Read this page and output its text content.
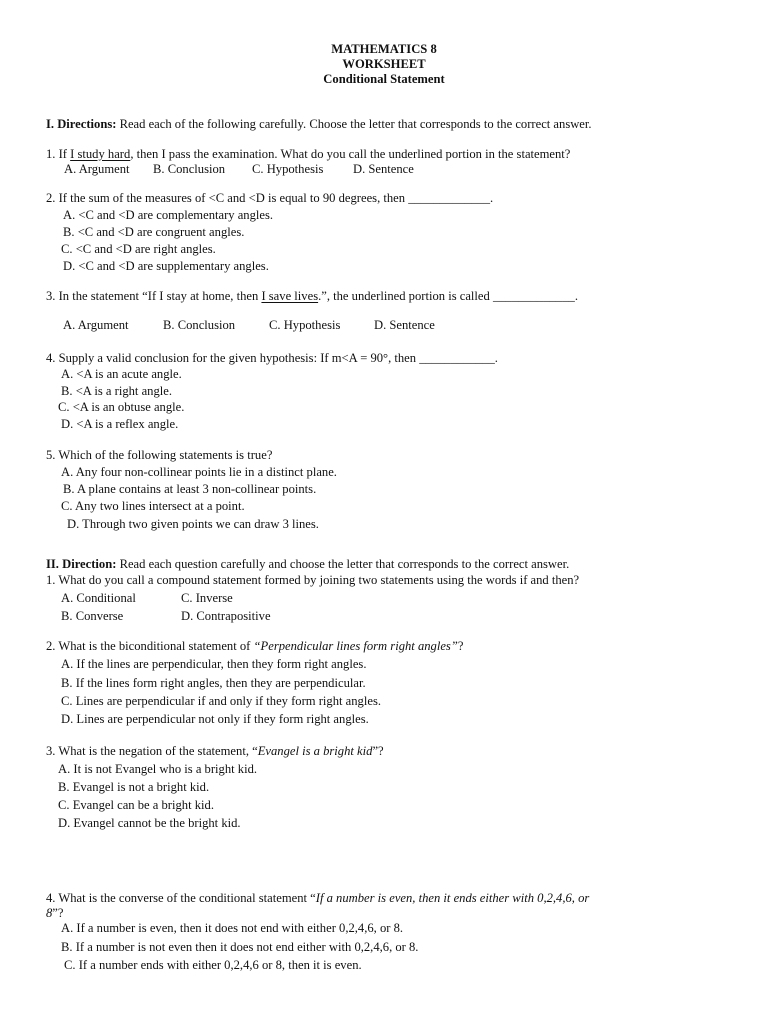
MATHEMATICS 8
WORKSHEET
Conditional Statement
I. Directions: Read each of the following carefully. Choose the letter that corresponds to the correct answer.
1. If I study hard, then I pass the examination. What do you call the underlined portion in the statement?
A. Argument B. Conclusion C. Hypothesis D. Sentence
2. If the sum of the measures of <C and <D is equal to 90 degrees, then _____________.
A. <C and <D are complementary angles.
B. <C and <D are congruent angles.
C. <C and <D are right angles.
D. <C and <D are supplementary angles.
3. In the statement “If I stay at home, then I save lives.”, the underlined portion is called _____________.
A. Argument	B. Conclusion	C. Hypothesis	D. Sentence
4. Supply a valid conclusion for the given hypothesis: If m<A = 90°, then ____________.
A. <A is an acute angle.
B. <A is a right angle.
C. <A is an obtuse angle.
D. <A is a reflex angle.
5. Which of the following statements is true?
A. Any four non-collinear points lie in a distinct plane.
B. A plane contains at least 3 non-collinear points.
C. Any two lines intersect at a point.
D. Through two given points we can draw 3 lines.
II. Direction: Read each question carefully and choose the letter that corresponds to the correct answer.
1. What do you call a compound statement formed by joining two statements using the words if and then?
A. Conditional	C. Inverse
B. Converse	D. Contrapositive
2. What is the biconditional statement of “Perpendicular lines form right angles”?
A. If the lines are perpendicular, then they form right angles.
B. If the lines form right angles, then they are perpendicular.
C. Lines are perpendicular if and only if they form right angles.
D. Lines are perpendicular not only if they form right angles.
3. What is the negation of the statement, “Evangel is a bright kid”?
A. It is not Evangel who is a bright kid.
B. Evangel is not a bright kid.
C. Evangel can be a bright kid.
D. Evangel cannot be the bright kid.
4. What is the converse of the conditional statement “If a number is even, then it ends either with 0,2,4,6, or
8”?
A. If a number is even, then it does not end with either 0,2,4,6, or 8.
B. If a number is not even then it does not end either with 0,2,4,6, or 8.
C. If a number ends with either 0,2,4,6 or 8, then it is even.
